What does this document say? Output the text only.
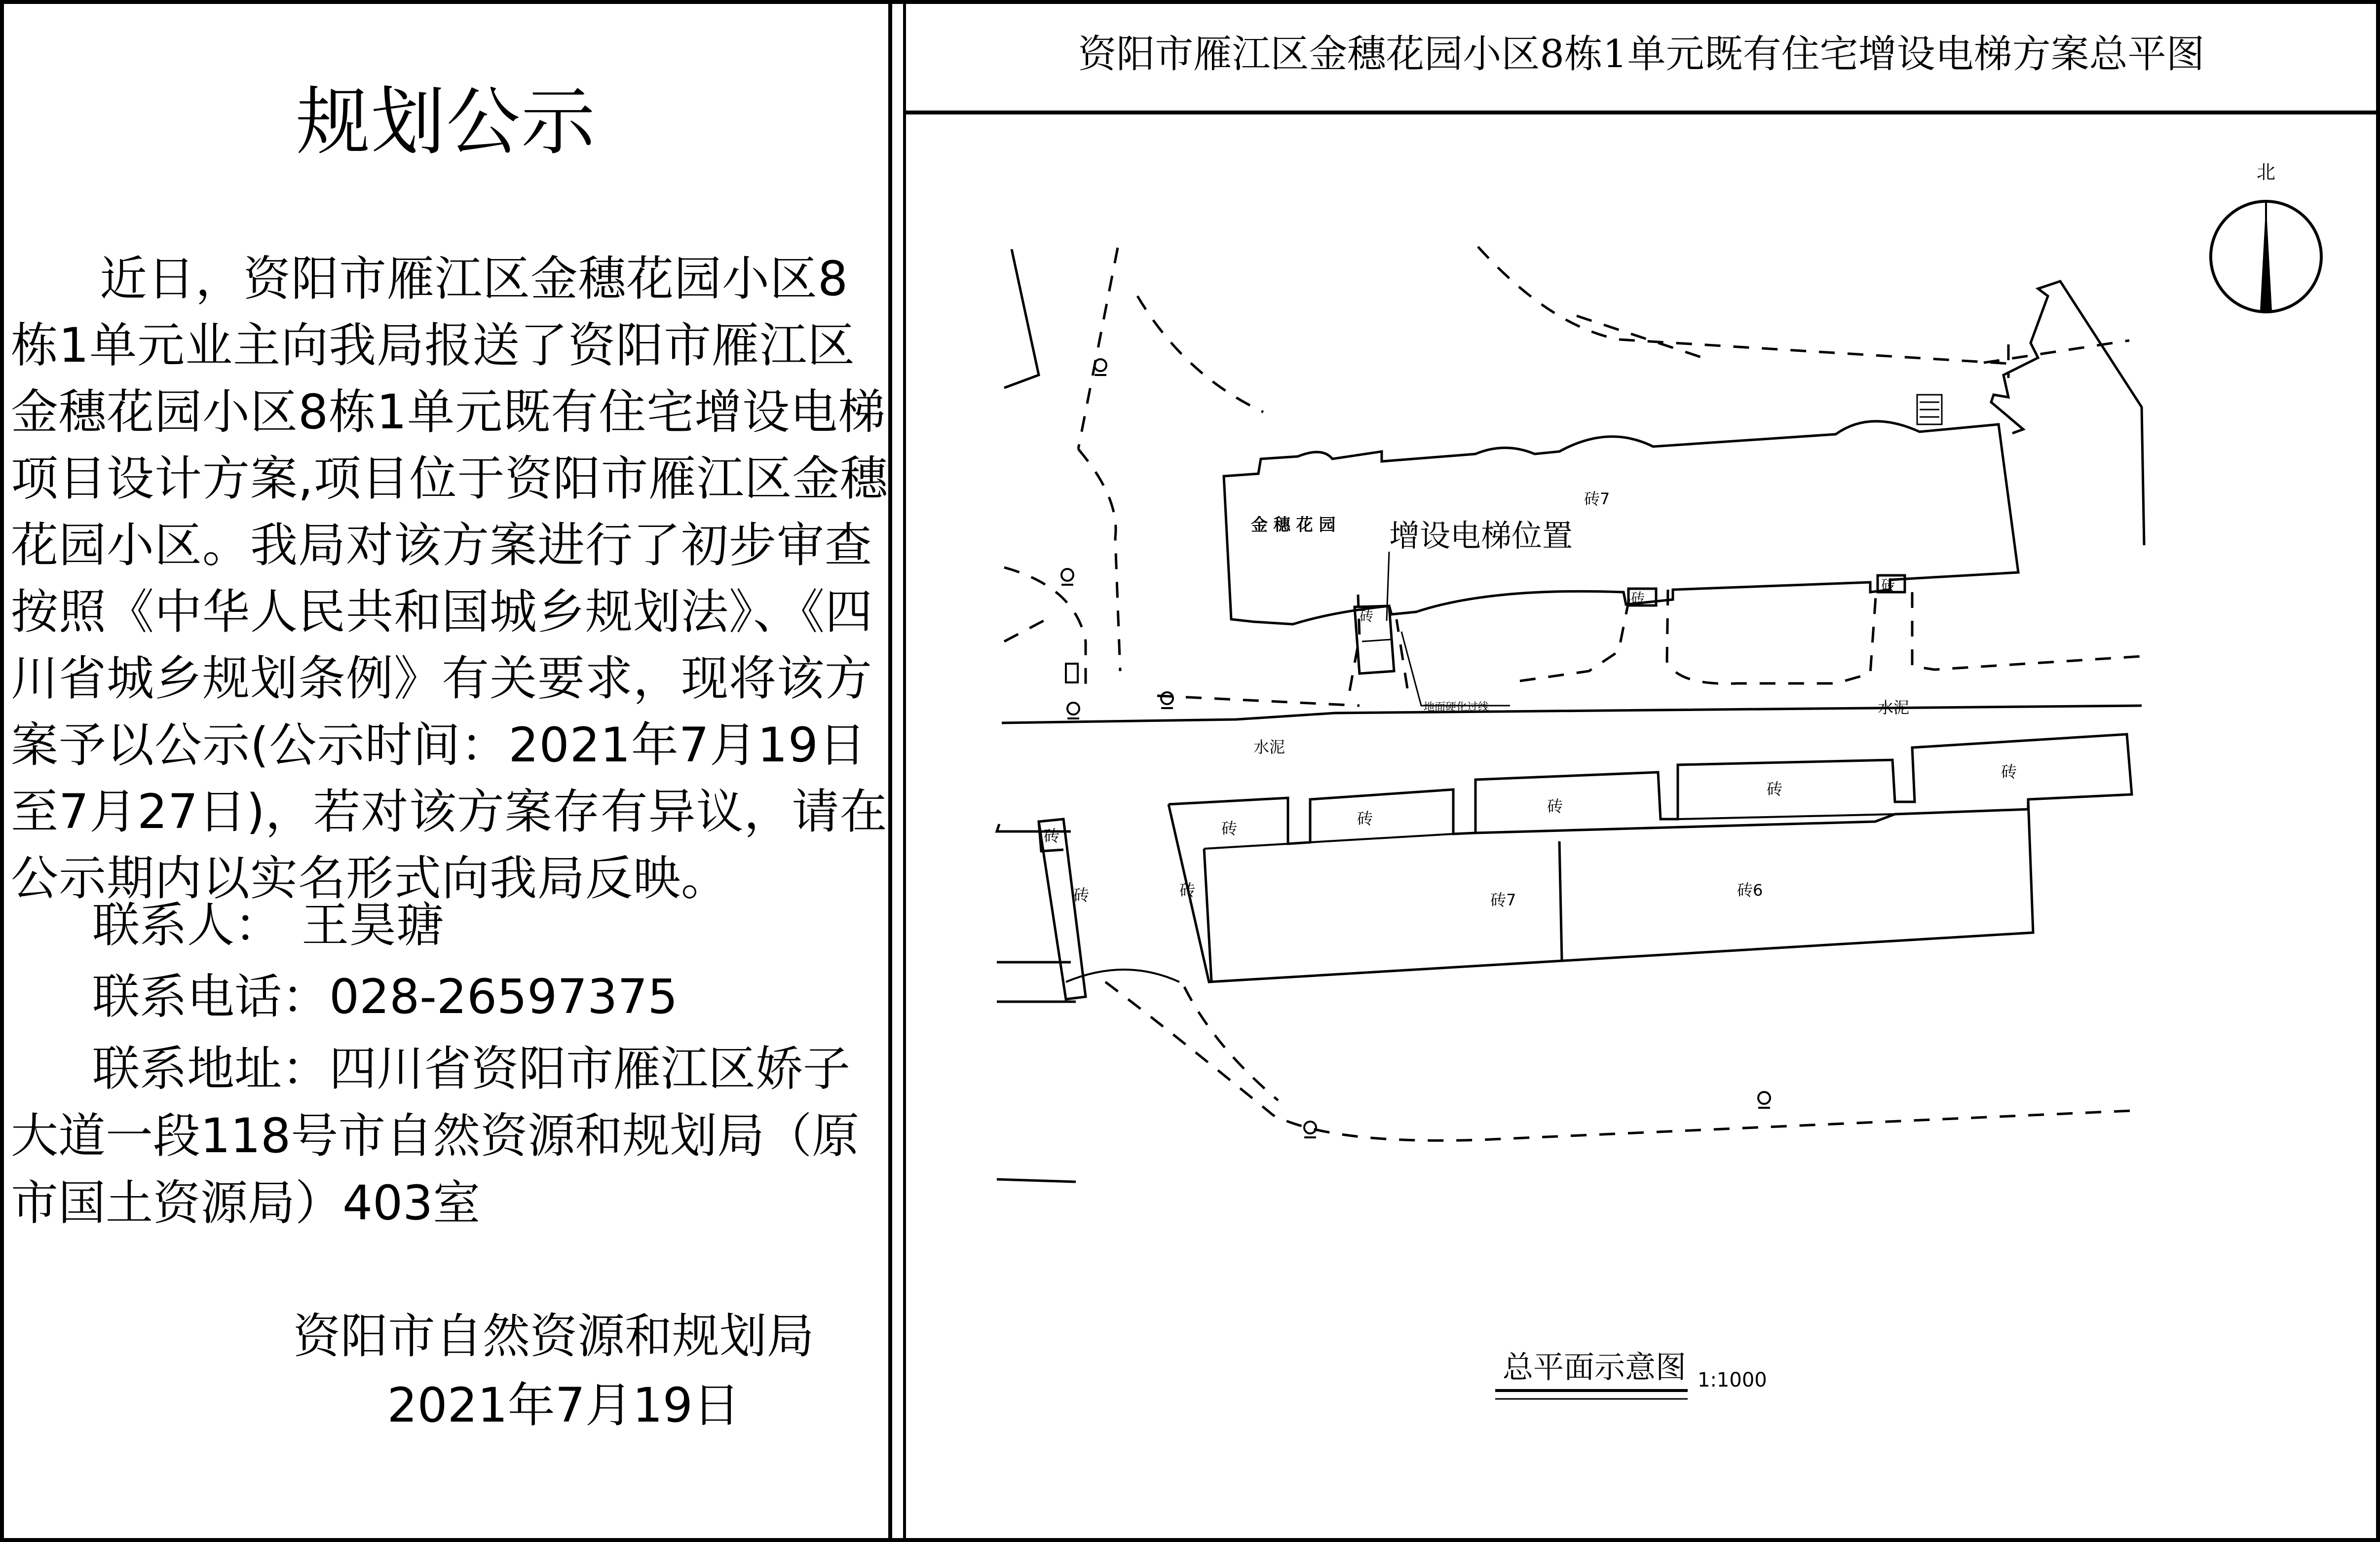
规划公示
近日，资阳市雁江区金穗花园小区8栋1单元业主向我局报送了资阳市雁江区金穗花园小区8栋1单元既有住宅增设电梯项目设计方案,项目位于资阳市雁江区金穗花园小区。我局对该方案进行了初步审查按照《中华人民共和国城乡规划法》、《四川省城乡规划条例》有关要求，现将该方案予以公示(公示时间：2021年7月19日至7月27日)，若对该方案存有异议，请在公示期内以实名形式向我局反映。
联系人： 王昊瑭
联系电话：028-26597375
联系地址：四川省资阳市雁江区娇子大道一段118号市自然资源和规划局（原市国土资源局）403室
资阳市自然资源和规划局
2021年7月19日
资阳市雁江区金穗花园小区8栋1单元既有住宅增设电梯方案总平图
北
金 穗 花 园
砖7
增设电梯位置
地面硬化过线
水泥
水泥
砖
砖
砖
砖
砖	砖
砖
砖
砖
砖
砖
砖7
砖6
总平面示意图 1:1000
